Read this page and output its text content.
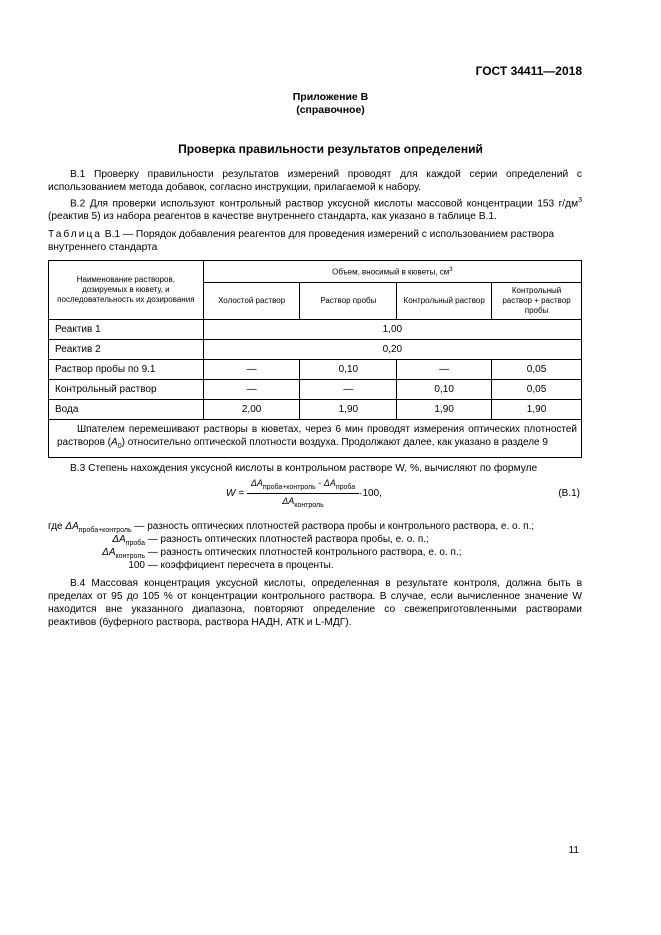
ГОСТ 34411—2018
Приложение В
(справочное)
Проверка правильности результатов определений
В.1 Проверку правильности результатов измерений проводят для каждой серии определений с использованием метода добавок, согласно инструкции, прилагаемой к набору.
В.2 Для проверки используют контрольный раствор уксусной кислоты массовой концентрации 153 $г/дм^3$ (реактив 5) из набора реагентов в качестве внутреннего стандарта, как указано в таблице В.1.
Таблица В.1 — Порядок добавления реагентов для проведения измерений с использованием раствора внутреннего стандарта
Наименование растворов, дозируемых в кювету, и последовательность их дозирования	Объем, вносимый в кюветы, $см^3$
	Холостой раствор	Раствор пробы	Контрольный раствор	Контрольный раствор + раствор пробы
Реактив 1	1,00			
Реактив 2	0,20			
Раствор пробы по 9.1	—	0,10	—	0,05
Контрольный раствор	—	—	0,10	0,05
Вода	2,00	1,90	1,90	1,90
Шпателем перемешивают растворы в кюветах, через 6 мин проводят измерения оптических плотностей растворов $(A_0)$ относительно оптической плотности воздуха. Продолжают далее, как указано в разделе 9				
В.3 Степень нахождения уксусной кислоты в контрольном растворе W, %, вычисляют по формуле
$W = \frac{\Delta A_{проба+контроль} - \Delta A_{проба}}{\Delta A_{контроль}} \cdot 100$,	(В.1)
где $\Delta A_{проба+контроль}$ — разность оптических плотностей раствора пробы и контрольного раствора, е. о. п.;
$\Delta A_{проба}$ — разность оптических плотностей раствора пробы, е. о. п.;
$\Delta A_{контроль}$ — разность оптических плотностей контрольного раствора, е. о. п.;
100 — коэффициент пересчета в проценты.
В.4 Массовая концентрация уксусной кислоты, определенная в результате контроля, должна быть в пределах от 95 до 105 % от концентрации контрольного раствора. В случае, если вычисленное значение W находится вне указанного диапазона, повторяют определение со свежеприготовленными растворами реактивов (буферного раствора, раствора НАДН, АТК и L-МДГ).
11
